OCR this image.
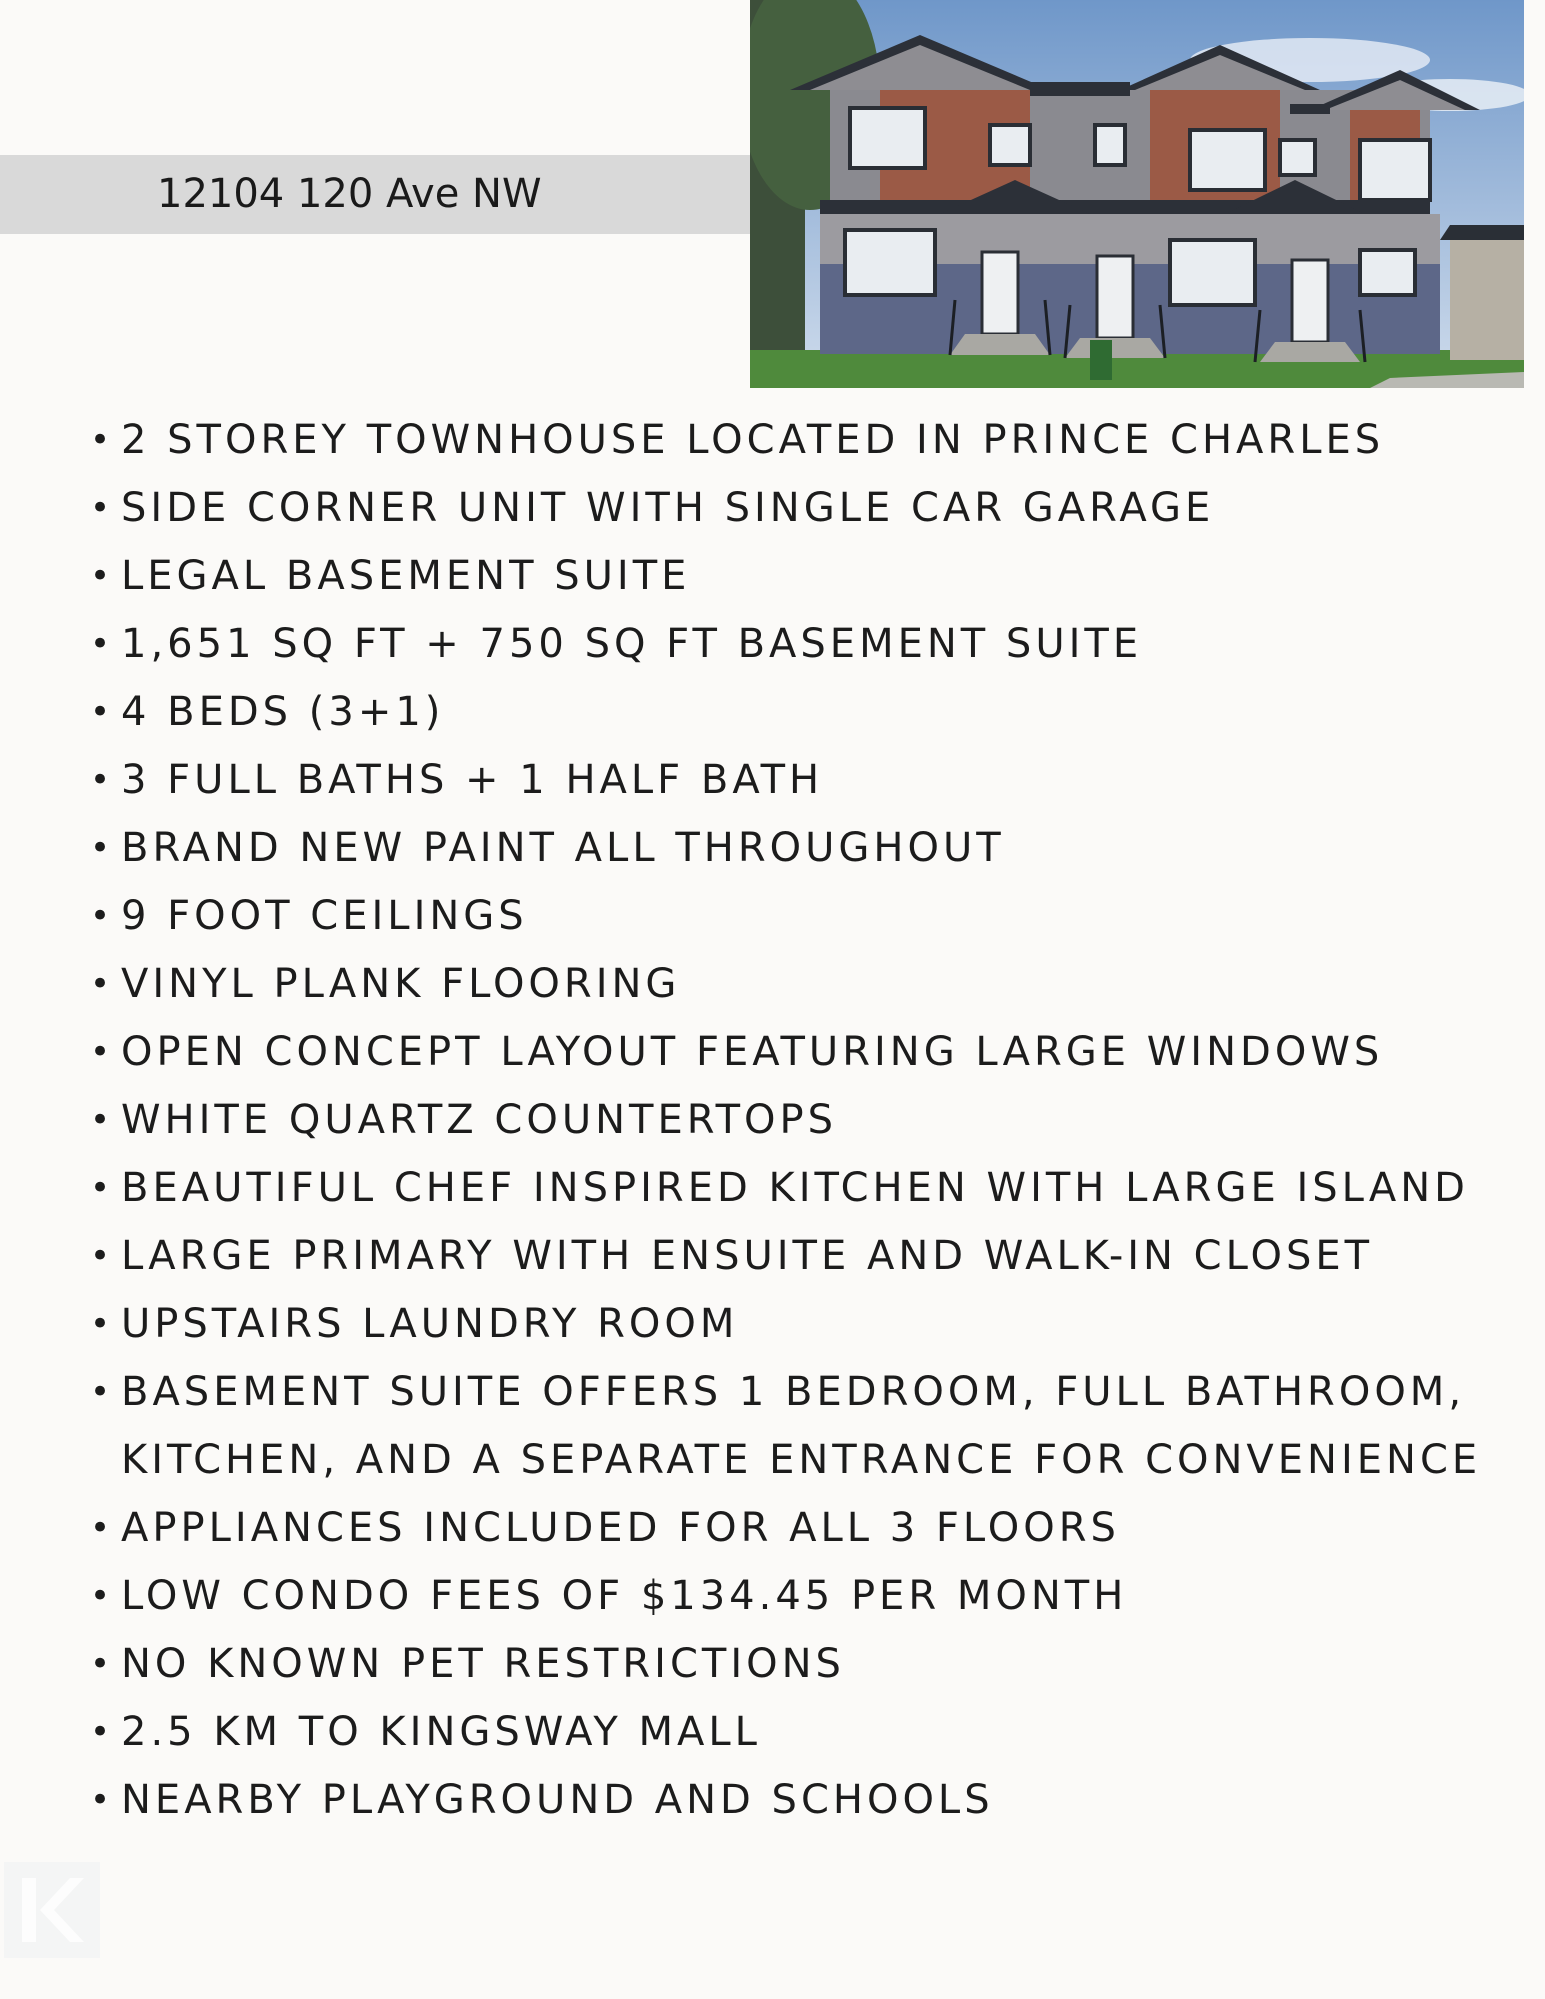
12104 120 Ave NW
• 2 STOREY TOWNHOUSE LOCATED IN PRINCE CHARLES
• SIDE CORNER UNIT WITH SINGLE CAR GARAGE
• LEGAL BASEMENT SUITE
• 1,651 SQ FT + 750 SQ FT BASEMENT SUITE
• 4 BEDS (3+1)
• 3 FULL BATHS + 1 HALF BATH
• BRAND NEW PAINT ALL THROUGHOUT
• 9 FOOT CEILINGS
• VINYL PLANK FLOORING
• OPEN CONCEPT LAYOUT FEATURING LARGE WINDOWS
• WHITE QUARTZ COUNTERTOPS
• BEAUTIFUL CHEF INSPIRED KITCHEN WITH LARGE ISLAND
• LARGE PRIMARY WITH ENSUITE AND WALK-IN CLOSET
• UPSTAIRS LAUNDRY ROOM
• BASEMENT SUITE OFFERS 1 BEDROOM, FULL BATHROOM, KITCHEN, AND A SEPARATE ENTRANCE FOR CONVENIENCE
• APPLIANCES INCLUDED FOR ALL 3 FLOORS
• LOW CONDO FEES OF $134.45 PER MONTH
• NO KNOWN PET RESTRICTIONS
• 2.5 KM TO KINGSWAY MALL
• NEARBY PLAYGROUND AND SCHOOLS
